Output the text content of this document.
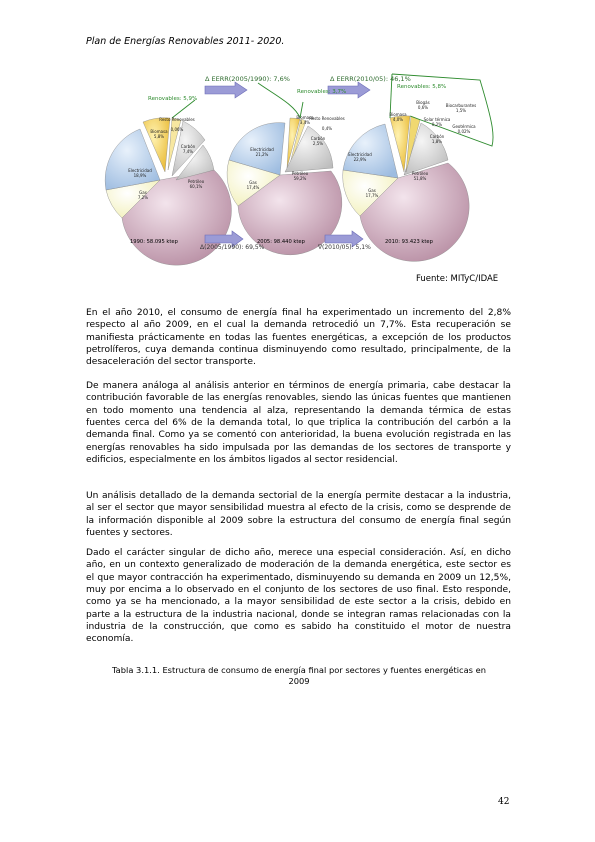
Plan de Energías Renovables 2011- 2020.
Δ EERR(2005/1990): 7,6%	Δ EERR(2010/05): 46,1%
Δ(2005/1990): 69,5%	∇(2010/05): 5,1%
Renovables: 5,9%
Renovables: 3,7%
Renovables: 5,8%
1990: 58.095 ktep	2005: 98.440 ktep	2010: 93.423 ktep
Petróleo
60,1%
Gas
7,2%
Electricidad
18,9%
Biomasa
5,8%
Resto Renovables
0,06%
Carbón
7,4%
Petróleo
59,2%
Gas
17,4%
Electricidad
21,2%
Biomasa
3,4%
Resto Renovables
0,4%
Carbón
2,5%
Petróleo
51,8%
Gas
17,7%
Electricidad
22,9%
Biomasa
4,0%
Biogás
0,6%	Biocarburantes
1,5%
Solar térmica
0,2%	Geotérmica
0,02%
Carbón
1,8%
Fuente: MITyC/IDAE

En el año 2010, el consumo de energía final ha experimentado un incremento del 2,8% respecto al año 2009, en el cual la demanda retrocedió un 7,7%. Esta recuperación se manifiesta prácticamente en todas las fuentes energéticas, a excepción de los productos petrolíferos, cuya demanda continua disminuyendo como resultado, principalmente, de la desaceleración del sector transporte.

De manera análoga al análisis anterior en términos de energía primaria, cabe destacar la contribución favorable de las energías renovables, siendo las únicas fuentes que mantienen en todo momento una tendencia al alza, representando la demanda térmica de estas fuentes cerca del 6% de la demanda total, lo que triplica la contribución del carbón a la demanda final. Como ya se comentó con anterioridad, la buena evolución registrada en las energías renovables ha sido impulsada por las demandas de los sectores de transporte y edificios, especialmente en los ámbitos ligados al sector residencial.

Un análisis detallado de la demanda sectorial de la energía permite destacar a la industria, al ser el sector que mayor sensibilidad muestra al efecto de la crisis, como se desprende de la información disponible al 2009 sobre la estructura del consumo de energía final según fuentes y sectores.

Dado el carácter singular de dicho año, merece una especial consideración. Así, en dicho año, en un contexto generalizado de moderación de la demanda energética, este sector es el que mayor contracción ha experimentado, disminuyendo su demanda en 2009 un 12,5%, muy por encima a lo observado en el conjunto de los sectores de uso final. Esto responde, como ya se ha mencionado, a la mayor sensibilidad de este sector a la crisis, debido en parte a la estructura de la industria nacional, donde se integran ramas relacionadas con la industria de la construcción, que como es sabido ha constituido el motor de nuestra economía.

Tabla 3.1.1. Estructura de consumo de energía final por sectores y fuentes energéticas en 2009
42
